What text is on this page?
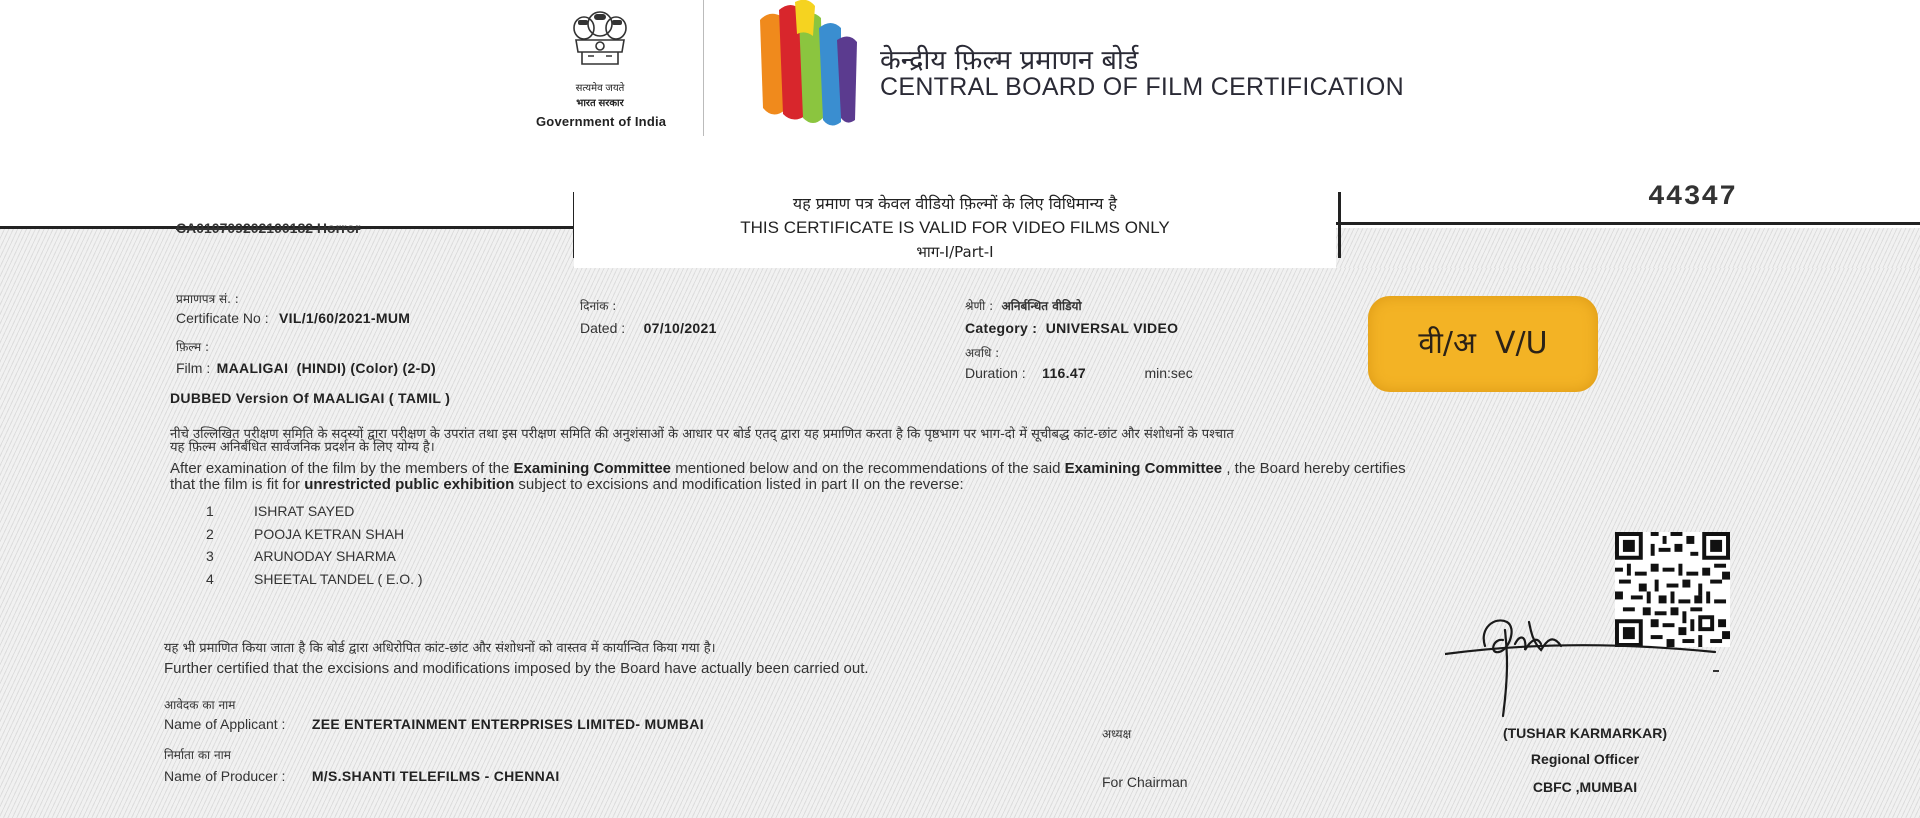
सत्यमेव जयते
भारत सरकार
Government of India
केन्द्रीय फ़िल्म प्रमाणन बोर्ड
CENTRAL BOARD OF FILM CERTIFICATION
CA010709202100182 Horror
यह प्रमाण पत्र केवल वीडियो फ़िल्मों के लिए विधिमान्य है
THIS CERTIFICATE IS VALID FOR VIDEO FILMS ONLY
भाग-I/Part-I
44347
प्रमाणपत्र सं. :
Certificate No : VIL/1/60/2021-MUM
दिनांक :
Dated : 07/10/2021
श्रेणी : अनिर्बन्धित वीडियो
Category : UNIVERSAL VIDEO
अवधि :
Duration : 116.47	min:sec
फ़िल्म :
Film : MAALIGAI  (HINDI) (Color) (2-D)
DUBBED Version Of MAALIGAI ( TAMIL )
वी/अ  V/U
नीचे उल्लिखित परीक्षण समिति के सदस्यों द्वारा परीक्षण के उपरांत तथा इस परीक्षण समिति की अनुशंसाओं के आधार पर बोर्ड एतद् द्वारा यह प्रमाणित करता है कि पृष्ठभाग पर भाग-दो में सूचीबद्ध कांट-छांट और संशोधनों के पश्चात
यह फ़िल्म अनिर्बंधित सार्वजनिक प्रदर्शन के लिए योग्य है।
After examination of the film by the members of the Examining Committee mentioned below and on the recommendations of the said Examining Committee , the Board hereby certifies
that the film is fit for unrestricted public exhibition subject to excisions and modification listed in part II on the reverse:
1	ISHRAT SAYED
2	POOJA KETRAN SHAH
3	ARUNODAY SHARMA
4	SHEETAL TANDEL ( E.O. )
यह भी प्रमाणित किया जाता है कि बोर्ड द्वारा अधिरोपित कांट-छांट और संशोधनों को वास्तव में कार्यान्वित किया गया है।
Further certified that the excisions and modifications imposed by the Board have actually been carried out.
आवेदक का नाम
Name of Applicant : ZEE ENTERTAINMENT ENTERPRISES LIMITED- MUMBAI
निर्माता का नाम
Name of Producer : M/S.SHANTI TELEFILMS - CHENNAI
अध्यक्ष
For Chairman
(TUSHAR KARMARKAR)
Regional Officer
CBFC ,MUMBAI
